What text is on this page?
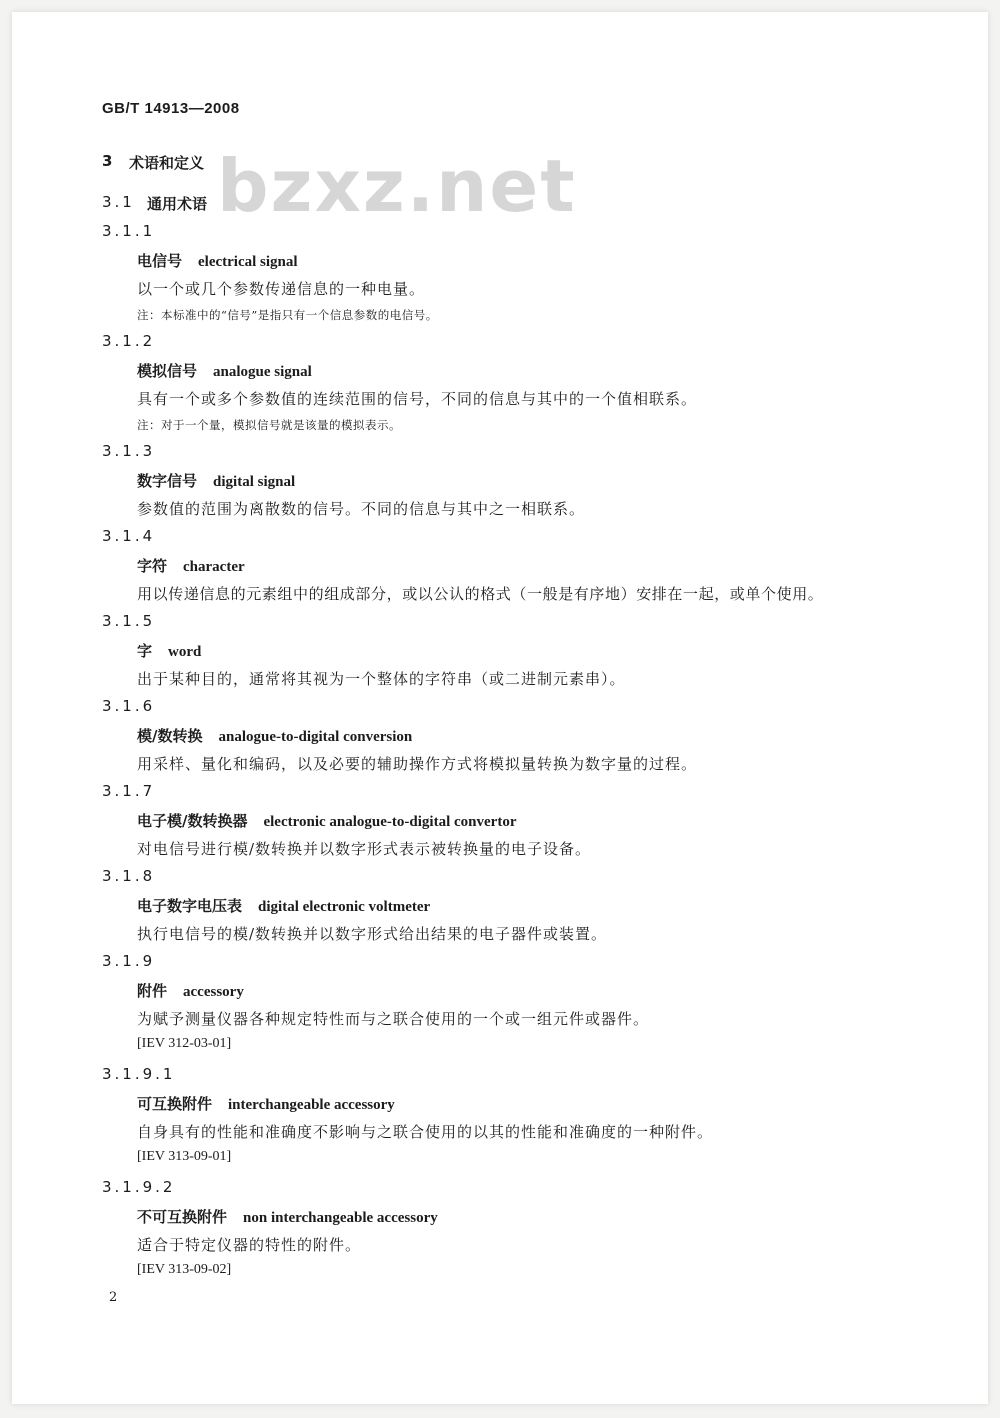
GB/T 14913—2008
bzxz.net
3 术语和定义
3.1 通用术语
3.1.1
电信号 electrical signal
以一个或几个参数传递信息的一种电量。
注：本标准中的“信号”是指只有一个信息参数的电信号。
3.1.2
模拟信号 analogue signal
具有一个或多个参数值的连续范围的信号，不同的信息与其中的一个值相联系。
注：对于一个量，模拟信号就是该量的模拟表示。
3.1.3
数字信号 digital signal
参数值的范围为离散数的信号。不同的信息与其中之一相联系。
3.1.4
字符 character
用以传递信息的元素组中的组成部分，或以公认的格式（一般是有序地）安排在一起，或单个使用。
3.1.5
字 word
出于某种目的，通常将其视为一个整体的字符串（或二进制元素串）。
3.1.6
模/数转换 analogue-to-digital conversion
用采样、量化和编码，以及必要的辅助操作方式将模拟量转换为数字量的过程。
3.1.7
电子模/数转换器 electronic analogue-to-digital convertor
对电信号进行模/数转换并以数字形式表示被转换量的电子设备。
3.1.8
电子数字电压表 digital electronic voltmeter
执行电信号的模/数转换并以数字形式给出结果的电子器件或装置。
3.1.9
附件 accessory
为赋予测量仪器各种规定特性而与之联合使用的一个或一组元件或器件。
[IEV 312-03-01]
3.1.9.1
可互换附件 interchangeable accessory
自身具有的性能和准确度不影响与之联合使用的以其的性能和准确度的一种附件。
[IEV 313-09-01]
3.1.9.2
不可互换附件 non interchangeable accessory
适合于特定仪器的特性的附件。
[IEV 313-09-02]
2
